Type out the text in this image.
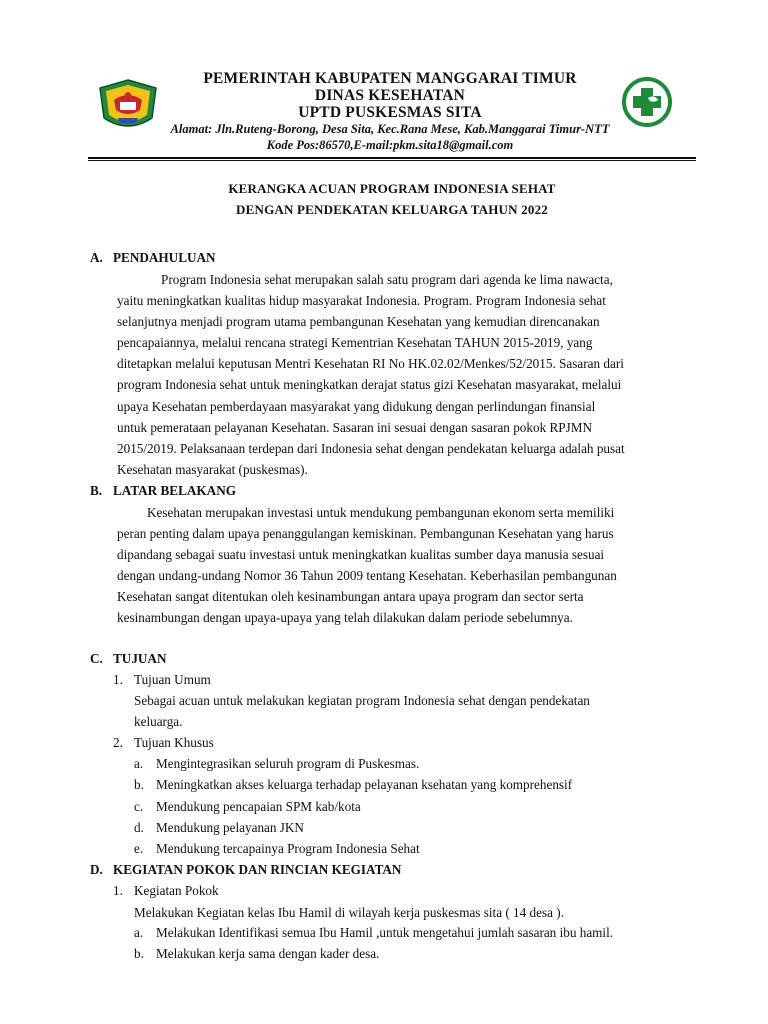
PEMERINTAH KABUPATEN MANGGARAI TIMUR
DINAS KESEHATAN
UPTD PUSKESMAS SITA
Alamat: Jln.Ruteng-Borong, Desa Sita, Kec.Rana Mese, Kab.Manggarai Timur-NTT
Kode Pos:86570,E-mail:pkm.sita18@gmail.com
KERANGKA ACUAN PROGRAM INDONESIA SEHAT
DENGAN PENDEKATAN KELUARGA TAHUN 2022
A. PENDAHULUAN
Program Indonesia sehat merupakan salah satu program dari agenda ke lima nawacta,
yaitu meningkatkan kualitas hidup masyarakat Indonesia. Program. Program Indonesia sehat
selanjutnya menjadi program utama pembangunan Kesehatan yang kemudian direncanakan
pencapaiannya, melalui rencana strategi Kementrian Kesehatan TAHUN 2015-2019, yang
ditetapkan melalui keputusan Mentri Kesehatan RI No HK.02.02/Menkes/52/2015. Sasaran dari
program Indonesia sehat untuk meningkatkan derajat status gizi Kesehatan masyarakat, melalui
upaya Kesehatan pemberdayaan masyarakat yang didukung dengan perlindungan finansial
untuk pemerataan pelayanan Kesehatan. Sasaran ini sesuai dengan sasaran pokok RPJMN
2015/2019. Pelaksanaan terdepan dari Indonesia sehat dengan pendekatan keluarga adalah pusat
Kesehatan masyarakat (puskesmas).
B. LATAR BELAKANG
Kesehatan merupakan investasi untuk mendukung pembangunan ekonom serta memiliki
peran penting dalam upaya penanggulangan kemiskinan. Pembangunan Kesehatan yang harus
dipandang sebagai suatu investasi untuk meningkatkan kualitas sumber daya manusia sesuai
dengan undang-undang Nomor 36 Tahun 2009 tentang Kesehatan. Keberhasilan pembangunan
Kesehatan sangat ditentukan oleh kesinambungan antara upaya program dan sector serta
kesinambungan dengan upaya-upaya yang telah dilakukan dalam periode sebelumnya.
C. TUJUAN
1. Tujuan Umum
Sebagai acuan untuk melakukan kegiatan program Indonesia sehat dengan pendekatan
keluarga.
2. Tujuan Khusus
a. Mengintegrasikan seluruh program di Puskesmas.
b. Meningkatkan akses keluarga terhadap pelayanan ksehatan yang komprehensif
c. Mendukung pencapaian SPM kab/kota
d. Mendukung pelayanan JKN
e. Mendukung tercapainya Program Indonesia Sehat
D. KEGIATAN POKOK DAN RINCIAN KEGIATAN
1. Kegiatan Pokok
Melakukan Kegiatan kelas Ibu Hamil di wilayah kerja puskesmas sita ( 14 desa ).
a. Melakukan Identifikasi semua Ibu Hamil ,untuk mengetahui jumlah sasaran ibu hamil.
b. Melakukan kerja sama dengan kader desa.
